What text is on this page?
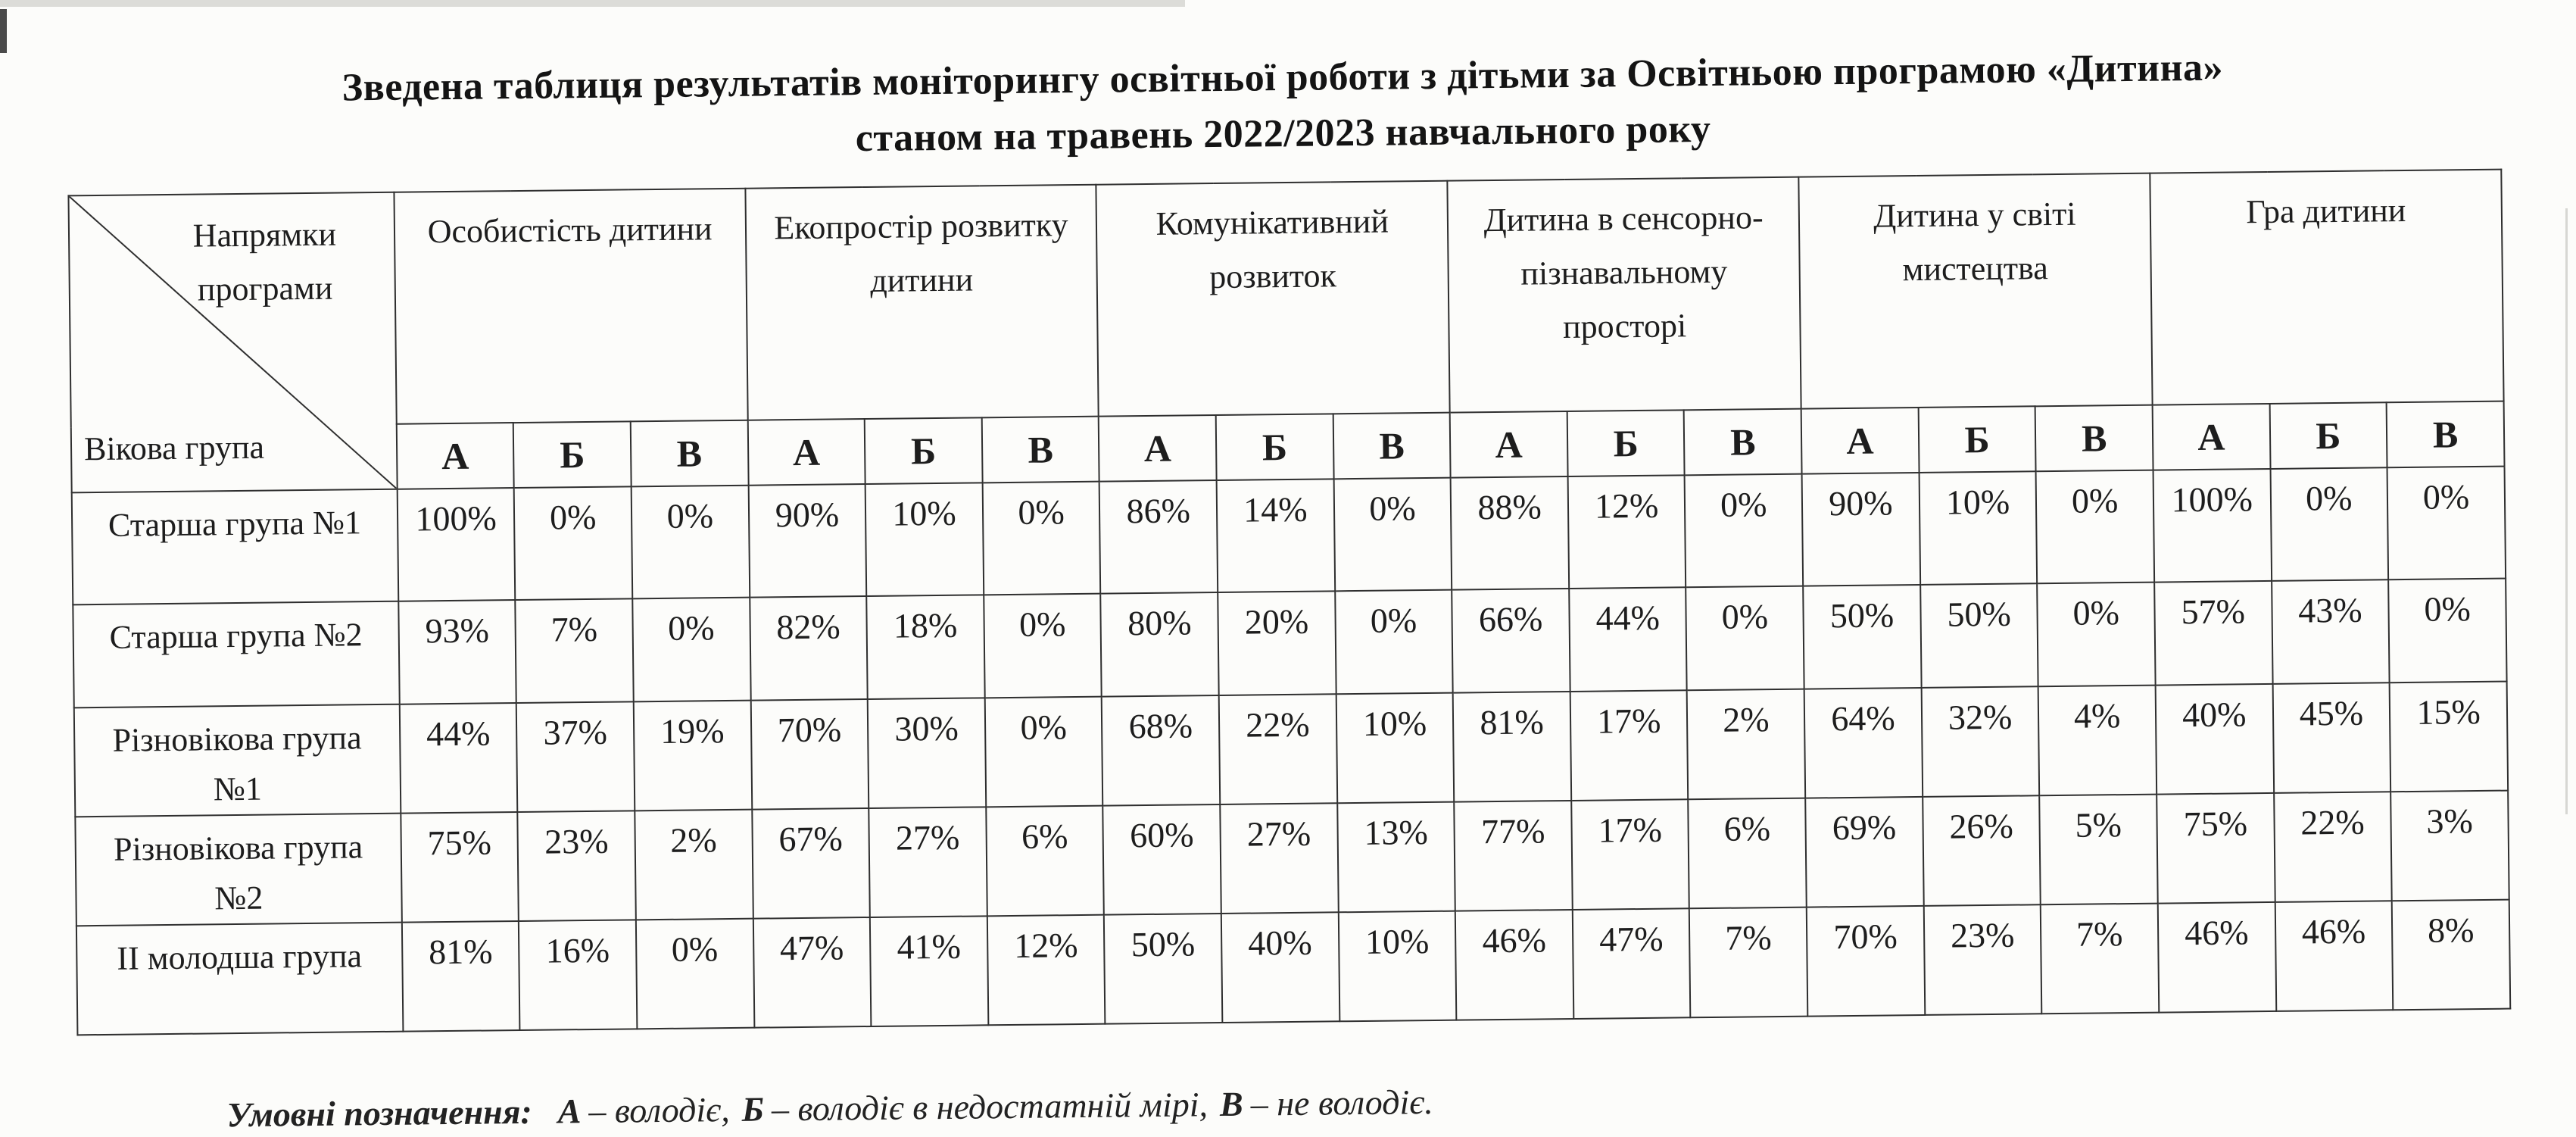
Зведена таблиця результатів моніторингу освітньої роботи з дітьми за Освітньою програмою «Дитина»
станом на травень 2022/2023 навчального року
Напрямки програми
Вікова група	Особистість дитини			Екопростір розвитку дитини			Комунікативний розвиток			Дитина в сенсорно-пізнавальному просторі			Дитина у світі мистецтва			Гра дитини		
	А	Б	В	А	Б	В	А	Б	В	А	Б	В	А	Б	В	А	Б	В
Старша група №1	100%	0%	0%	90%	10%	0%	86%	14%	0%	88%	12%	0%	90%	10%	0%	100%	0%	0%
Старша група №2	93%	7%	0%	82%	18%	0%	80%	20%	0%	66%	44%	0%	50%	50%	0%	57%	43%	0%
Різновікова група №1	44%	37%	19%	70%	30%	0%	68%	22%	10%	81%	17%	2%	64%	32%	4%	40%	45%	15%
Різновікова група №2	75%	23%	2%	67%	27%	6%	60%	27%	13%	77%	17%	6%	69%	26%	5%	75%	22%	3%
ІІ молодша група	81%	16%	0%	47%	41%	12%	50%	40%	10%	46%	47%	7%	70%	23%	7%	46%	46%	8%
Умовні позначення: А – володіє, Б – володіє в недостатній мірі, В – не володіє.
